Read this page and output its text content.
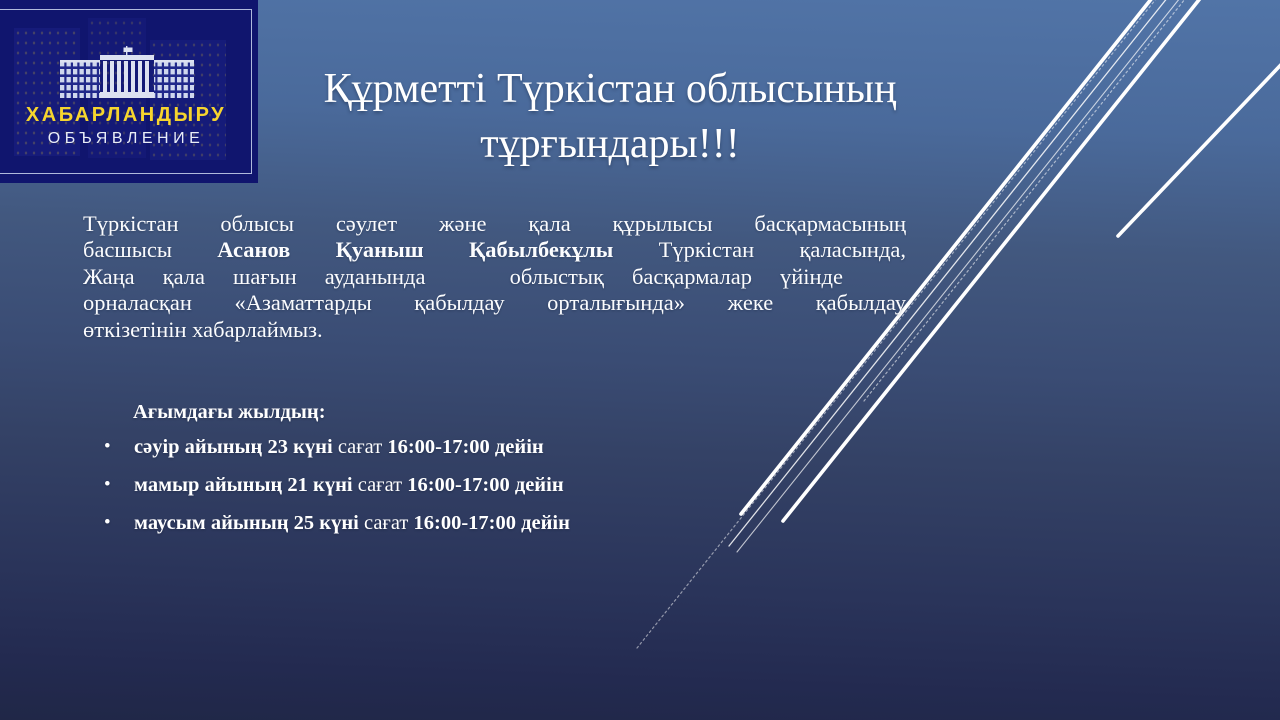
ХАБАРЛАНДЫРУ
ОБЪЯВЛЕНИЕ
Құрметті Түркістан облысының
тұрғындары!!!
Түркістан облысы сәулет және қала құрылысы басқармасының
басшысы Асанов Қуаныш Қабылбекұлы Түркістан қаласында,
Жаңа қала шағын ауданында   облыстық басқармалар үйінде
орналасқан «Азаматтарды қабылдау орталығында» жеке қабылдау
өткізетінін хабарлаймыз.
Ағымдағы жылдың:
•	сәуір айының 23 күні сағат 16:00-17:00 дейін
•	мамыр айының 21 күні сағат 16:00-17:00 дейін
•	маусым айының 25 күні сағат 16:00-17:00 дейін
